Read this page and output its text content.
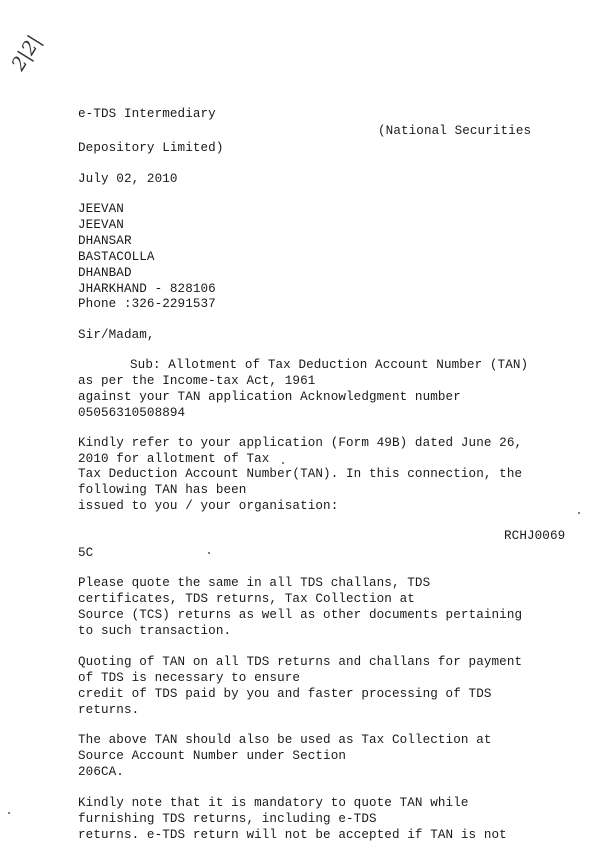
2|2|
e-TDS Intermediary
(National Securities
Depository Limited)
July 02, 2010
JEEVAN
JEEVAN
DHANSAR
BASTACOLLA
DHANBAD
JHARKHAND - 828106
Phone :326-2291537
Sir/Madam,
Sub: Allotment of Tax Deduction Account Number (TAN)
as per the Income-tax Act, 1961
against your TAN application Acknowledgment number
05056310508894
Kindly refer to your application (Form 49B) dated June 26,
2010 for allotment of Tax
Tax Deduction Account Number(TAN). In this connection, the
following TAN has been
issued to you / your organisation:
RCHJ0069
5C
Please quote the same in all TDS challans, TDS
certificates, TDS returns, Tax Collection at
Source (TCS) returns as well as other documents pertaining
to such transaction.
Quoting of TAN on all TDS returns and challans for payment
of TDS is necessary to ensure
credit of TDS paid by you and faster processing of TDS
returns.
The above TAN should also be used as Tax Collection at
Source Account Number under Section
206CA.
Kindly note that it is mandatory to quote TAN while
furnishing TDS returns, including e-TDS
returns. e-TDS return will not be accepted if TAN is not
